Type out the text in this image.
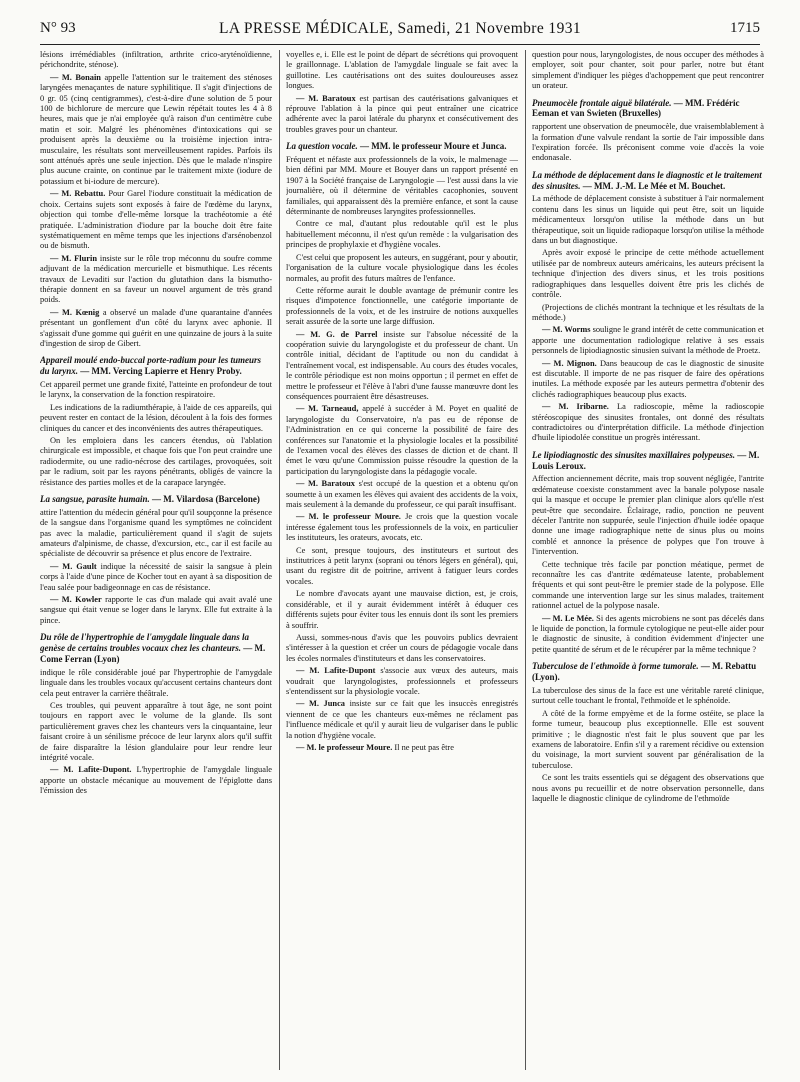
N° 93	LA PRESSE MÉDICALE, Samedi, 21 Novembre 1931	1715

lésions irrémédiables (infiltration, arthrite crico-aryténoïdienne, périchondrite, sténose).

— M. Bonain appelle l'attention sur le traitement des sténoses laryngées menaçantes de nature syphilitique. Il s'agit d'injections de 0 gr. 05 (cinq centigrammes), c'est-à-dire d'une solution de 5 pour 100 de bichlorure de mercure que Lewin répétait toutes les 4 à 8 heures, mais que je n'ai employée qu'à raison d'un centimètre cube matin et soir. Malgré les phénomènes d'intoxications qui se produisent après la deuxième ou la troisième injection intra-musculaire, les résultats sont merveilleusement rapides. Parfois ils sont atténués après une seule injection. Dès que le malade n'inspire plus aucune crainte, on continue par le traitement mixte (iodure de potassium et bi-iodure de mercure).

— M. Rebattu. Pour Garel l'iodure constituait la médication de choix. Certains sujets sont exposés à faire de l'œdème du larynx, objection qui tombe d'elle-même lorsque la trachéotomie a été pratiquée. L'administration d'iodure par la bouche doit être faite systématiquement en même temps que les injections d'arsénobenzol ou de bismuth.

— M. Flurin insiste sur le rôle trop méconnu du soufre comme adjuvant de la médication mercurielle et bismuthique. Les récents travaux de Levaditi sur l'action du glutathion dans la bismutho-thérapie donnent en sa faveur un nouvel argument de très grand poids.

— M. Kœnig a observé un malade d'une quarantaine d'années présentant un gonflement d'un côté du larynx avec aphonie. Il s'agissait d'une gomme qui guérit en une quinzaine de jours à la suite d'ingestion de sirop de Gibert.

Appareil moulé endo-buccal porte-radium pour les tumeurs du larynx. — MM. Vercing Lapierre et Henry Proby.

Cet appareil permet une grande fixité, l'atteinte en profondeur de tout le larynx, la conservation de la fonction respiratoire.

Les indications de la radiumthérapie, à l'aide de ces appareils, qui peuvent rester en contact de la lésion, découlent à la fois des formes cliniques du cancer et des inconvénients des autres thérapeutiques.

On les emploiera dans les cancers étendus, où l'ablation chirurgicale est impossible, et chaque fois que l'on peut craindre une radiodermite, ou une radio-nécrose des cartilages, provoquées, soit par le radium, soit par les rayons pénétrants, obligés de vaincre la résistance des parties molles et de la carapace laryngée.

La sangsue, parasite humain. — M. Vilardosa (Barcelone)

attire l'attention du médecin général pour qu'il soupçonne la présence de la sangsue dans l'organisme quand les symptômes ne coïncident pas avec la maladie, particulièrement quand il s'agit de sujets amateurs d'alpinisme, de chasse, d'excursion, etc., car il est facile au spécialiste de découvrir sa présence et plus encore de l'extraire.

— M. Gault indique la nécessité de saisir la sangsue à plein corps à l'aide d'une pince de Kocher tout en ayant à sa disposition de l'eau salée pour badigeonnage en cas de résistance.

— M. Kowler rapporte le cas d'un malade qui avait avalé une sangsue qui était venue se loger dans le larynx. Elle fut extraite à la pince.

Du rôle de l'hypertrophie de l'amygdale linguale dans la genèse de certains troubles vocaux chez les chanteurs. — M. Come Ferran (Lyon)

indique le rôle considérable joué par l'hypertrophie de l'amygdale linguale dans les troubles vocaux qu'accusent certains chanteurs dont cela peut entraver la carrière théâtrale.

Ces troubles, qui peuvent apparaître à tout âge, ne sont point toujours en rapport avec le volume de la glande. Ils sont particulièrement graves chez les chanteurs vers la cinquantaine, leur faisant croire à un sénilisme précoce de leur larynx alors qu'il suffit de faire disparaître la lésion glandulaire pour leur rendre leur intégrité vocale.

— M. Lafite-Dupont. L'hypertrophie de l'amygdale linguale apporte un obstacle mécanique au mouvement de l'épiglotte dans l'émission des

voyelles e, i. Elle est le point de départ de sécrétions qui provoquent le graillonnage. L'ablation de l'amygdale linguale se fait avec la guillotine. Les cautérisations ont des suites douloureuses assez longues.

— M. Baratoux est partisan des cautérisations galvaniques et réprouve l'ablation à la pince qui peut entraîner une cicatrice adhérente avec la paroi latérale du pharynx et consécutivement des troubles graves pour un chanteur.

La question vocale. — MM. le professeur Moure et Junca.

Fréquent et néfaste aux professionnels de la voix, le malmenage — bien défini par MM. Moure et Bouyer dans un rapport présenté en 1907 à la Société française de Laryngologie — l'est aussi dans la vie journalière, où il détermine de véritables cacophonies, souvent familiales, qui apparaissent dès la première enfance, et sont la cause déterminante de nombreuses laryngites professionnelles.

Contre ce mal, d'autant plus redoutable qu'il est le plus habituellement méconnu, il n'est qu'un remède : la vulgarisation des principes de prophylaxie et d'hygiène vocales.

C'est celui que proposent les auteurs, en suggérant, pour y aboutir, l'organisation de la culture vocale physiologique dans les écoles normales, au profit des futurs maîtres de l'enfance.

Cette réforme aurait le double avantage de prémunir contre les risques d'impotence fonctionnelle, une catégorie importante de professionnels de la voix, et de les instruire de notions auxquelles serait assurée de la sorte une large diffusion.

— M. G. de Parrel insiste sur l'absolue nécessité de la coopération suivie du laryngologiste et du professeur de chant. Un contrôle initial, décidant de l'aptitude ou non du candidat à l'entraînement vocal, est indispensable. Au cours des études vocales, le contrôle périodique est non moins opportun ; il permet en effet de mettre le professeur et l'élève à l'abri d'une fausse manœuvre dont les conséquences pourraient être désastreuses.

— M. Tarneaud, appelé à succéder à M. Poyet en qualité de laryngologiste du Conservatoire, n'a pas eu de réponse de l'Administration en ce qui concerne la possibilité de faire des conférences sur l'anatomie et la physiologie locales et la possibilité de l'examen vocal des élèves des classes de diction et de chant. Il émet le vœu qu'une Commission puisse résoudre la question de la participation du laryngologiste dans la pédagogie vocale.

— M. Baratoux s'est occupé de la question et a obtenu qu'on soumette à un examen les élèves qui avaient des accidents de la voix, mais seulement à la demande du professeur, ce qui paraît insuffisant.

— M. le professeur Moure. Je crois que la question vocale intéresse également tous les professionnels de la voix, en particulier les instituteurs, les orateurs, avocats, etc.

Ce sont, presque toujours, des instituteurs et surtout des institutrices à petit larynx (soprani ou ténors légers en général), qui, usant du registre dit de poitrine, arrivent à fatiguer leurs cordes vocales.

Le nombre d'avocats ayant une mauvaise diction, est, je crois, considérable, et il y aurait évidemment intérêt à éduquer ces différents sujets pour éviter tous les ennuis dont ils sont les premiers à souffrir.

Aussi, sommes-nous d'avis que les pouvoirs publics devraient s'intéresser à la question et créer un cours de pédagogie vocale dans les écoles normales d'instituteurs et dans les conservatoires.

— M. Lafite-Dupont s'associe aux vœux des auteurs, mais voudrait que laryngologistes, professionnels et professeurs s'entendissent sur la physiologie vocale.

— M. Junca insiste sur ce fait que les insuccès enregistrés viennent de ce que les chanteurs eux-mêmes ne réclament pas l'influence médicale et qu'il y aurait lieu de vulgariser dans le public la notion d'hygiène vocale.

— M. le professeur Moure. Il ne peut pas être

question pour nous, laryngologistes, de nous occuper des méthodes à employer, soit pour chanter, soit pour parler, notre but étant simplement d'indiquer les pièges d'achoppement que peut rencontrer un orateur.

Pneumocèle frontale aiguë bilatérale. — MM. Frédéric Eeman et van Swieten (Bruxelles)

rapportent une observation de pneumocèle, due vraisemblablement à la formation d'une valvule rendant la sortie de l'air impossible dans l'expiration forcée. Ils préconisent comme voie d'accès la voie endonasale.

La méthode de déplacement dans le diagnostic et le traitement des sinusites. — MM. J.-M. Le Mée et M. Bouchet.

La méthode de déplacement consiste à substituer à l'air normalement contenu dans les sinus un liquide qui peut être, soit un liquide médicamenteux lorsqu'on utilise la méthode dans un but thérapeutique, soit un liquide radiopaque lorsqu'on utilise la méthode dans un but diagnostique.

Après avoir exposé le principe de cette méthode actuellement utilisée par de nombreux auteurs américains, les auteurs précisent la technique d'injection des divers sinus, et les trois positions radiographiques dans lesquelles doivent être pris les clichés de contrôle.

(Projections de clichés montrant la technique et les résultats de la méthode.)

— M. Worms souligne le grand intérêt de cette communication et apporte une documentation radiologique relative à ses essais personnels de lipiodiagnostic sinusien suivant la méthode de Proetz.

— M. Mignon. Dans beaucoup de cas le diagnostic de sinusite est discutable. Il importe de ne pas risquer de faire des opérations inutiles. La méthode exposée par les auteurs permettra d'obtenir des clichés radiographiques beaucoup plus exacts.

— M. Iribarne. La radioscopie, même la radioscopie stéréoscopique des sinusites frontales, ont donné des résultats contradictoires ou d'interprétation difficile. La méthode d'injection d'huile lipiodolée constitue un progrès intéressant.

Le lipiodiagnostic des sinusites maxillaires polypeuses. — M. Louis Leroux.

Affection anciennement décrite, mais trop souvent négligée, l'antrite œdémateuse coexiste constamment avec la banale polypose nasale qui la masque et occupe le premier plan clinique alors qu'elle n'est peut-être que secondaire. Éclairage, radio, ponction ne peuvent déceler l'antrite non suppurée, seule l'injection d'huile iodée opaque donne une image radiographique nette de sinus plus ou moins comblé et annonce la présence de polypes que l'on trouve à l'intervention.

Cette technique très facile par ponction méatique, permet de reconnaître les cas d'antrite œdémateuse latente, probablement fréquents et qui sont peut-être le premier stade de la polypose. Elle commande une intervention large sur les sinus malades, traitement rationnel actuel de la polypose nasale.

— M. Le Mée. Si des agents microbiens ne sont pas décelés dans le liquide de ponction, la formule cytologique ne peut-elle aider pour le diagnostic de sinusite, à condition évidemment d'injecter une petite quantité de sérum et de le récupérer par la même technique ?

Tuberculose de l'ethmoïde à forme tumorale. — M. Rebattu (Lyon).

La tuberculose des sinus de la face est une véritable rareté clinique, surtout celle touchant le frontal, l'ethmoïde et le sphénoïde.

A côté de la forme empyème et de la forme ostéite, se place la forme tumeur, beaucoup plus exceptionnelle. Elle est souvent primitive ; le diagnostic n'est fait le plus souvent que par les examens de laboratoire. Enfin s'il y a rarement récidive ou extension du voisinage, la mort survient souvent par généralisation de la tuberculose.

Ce sont les traits essentiels qui se dégagent des observations que nous avons pu recueillir et de notre observation personnelle, dans laquelle le diagnostic clinique de cylindrome de l'ethmoïde
